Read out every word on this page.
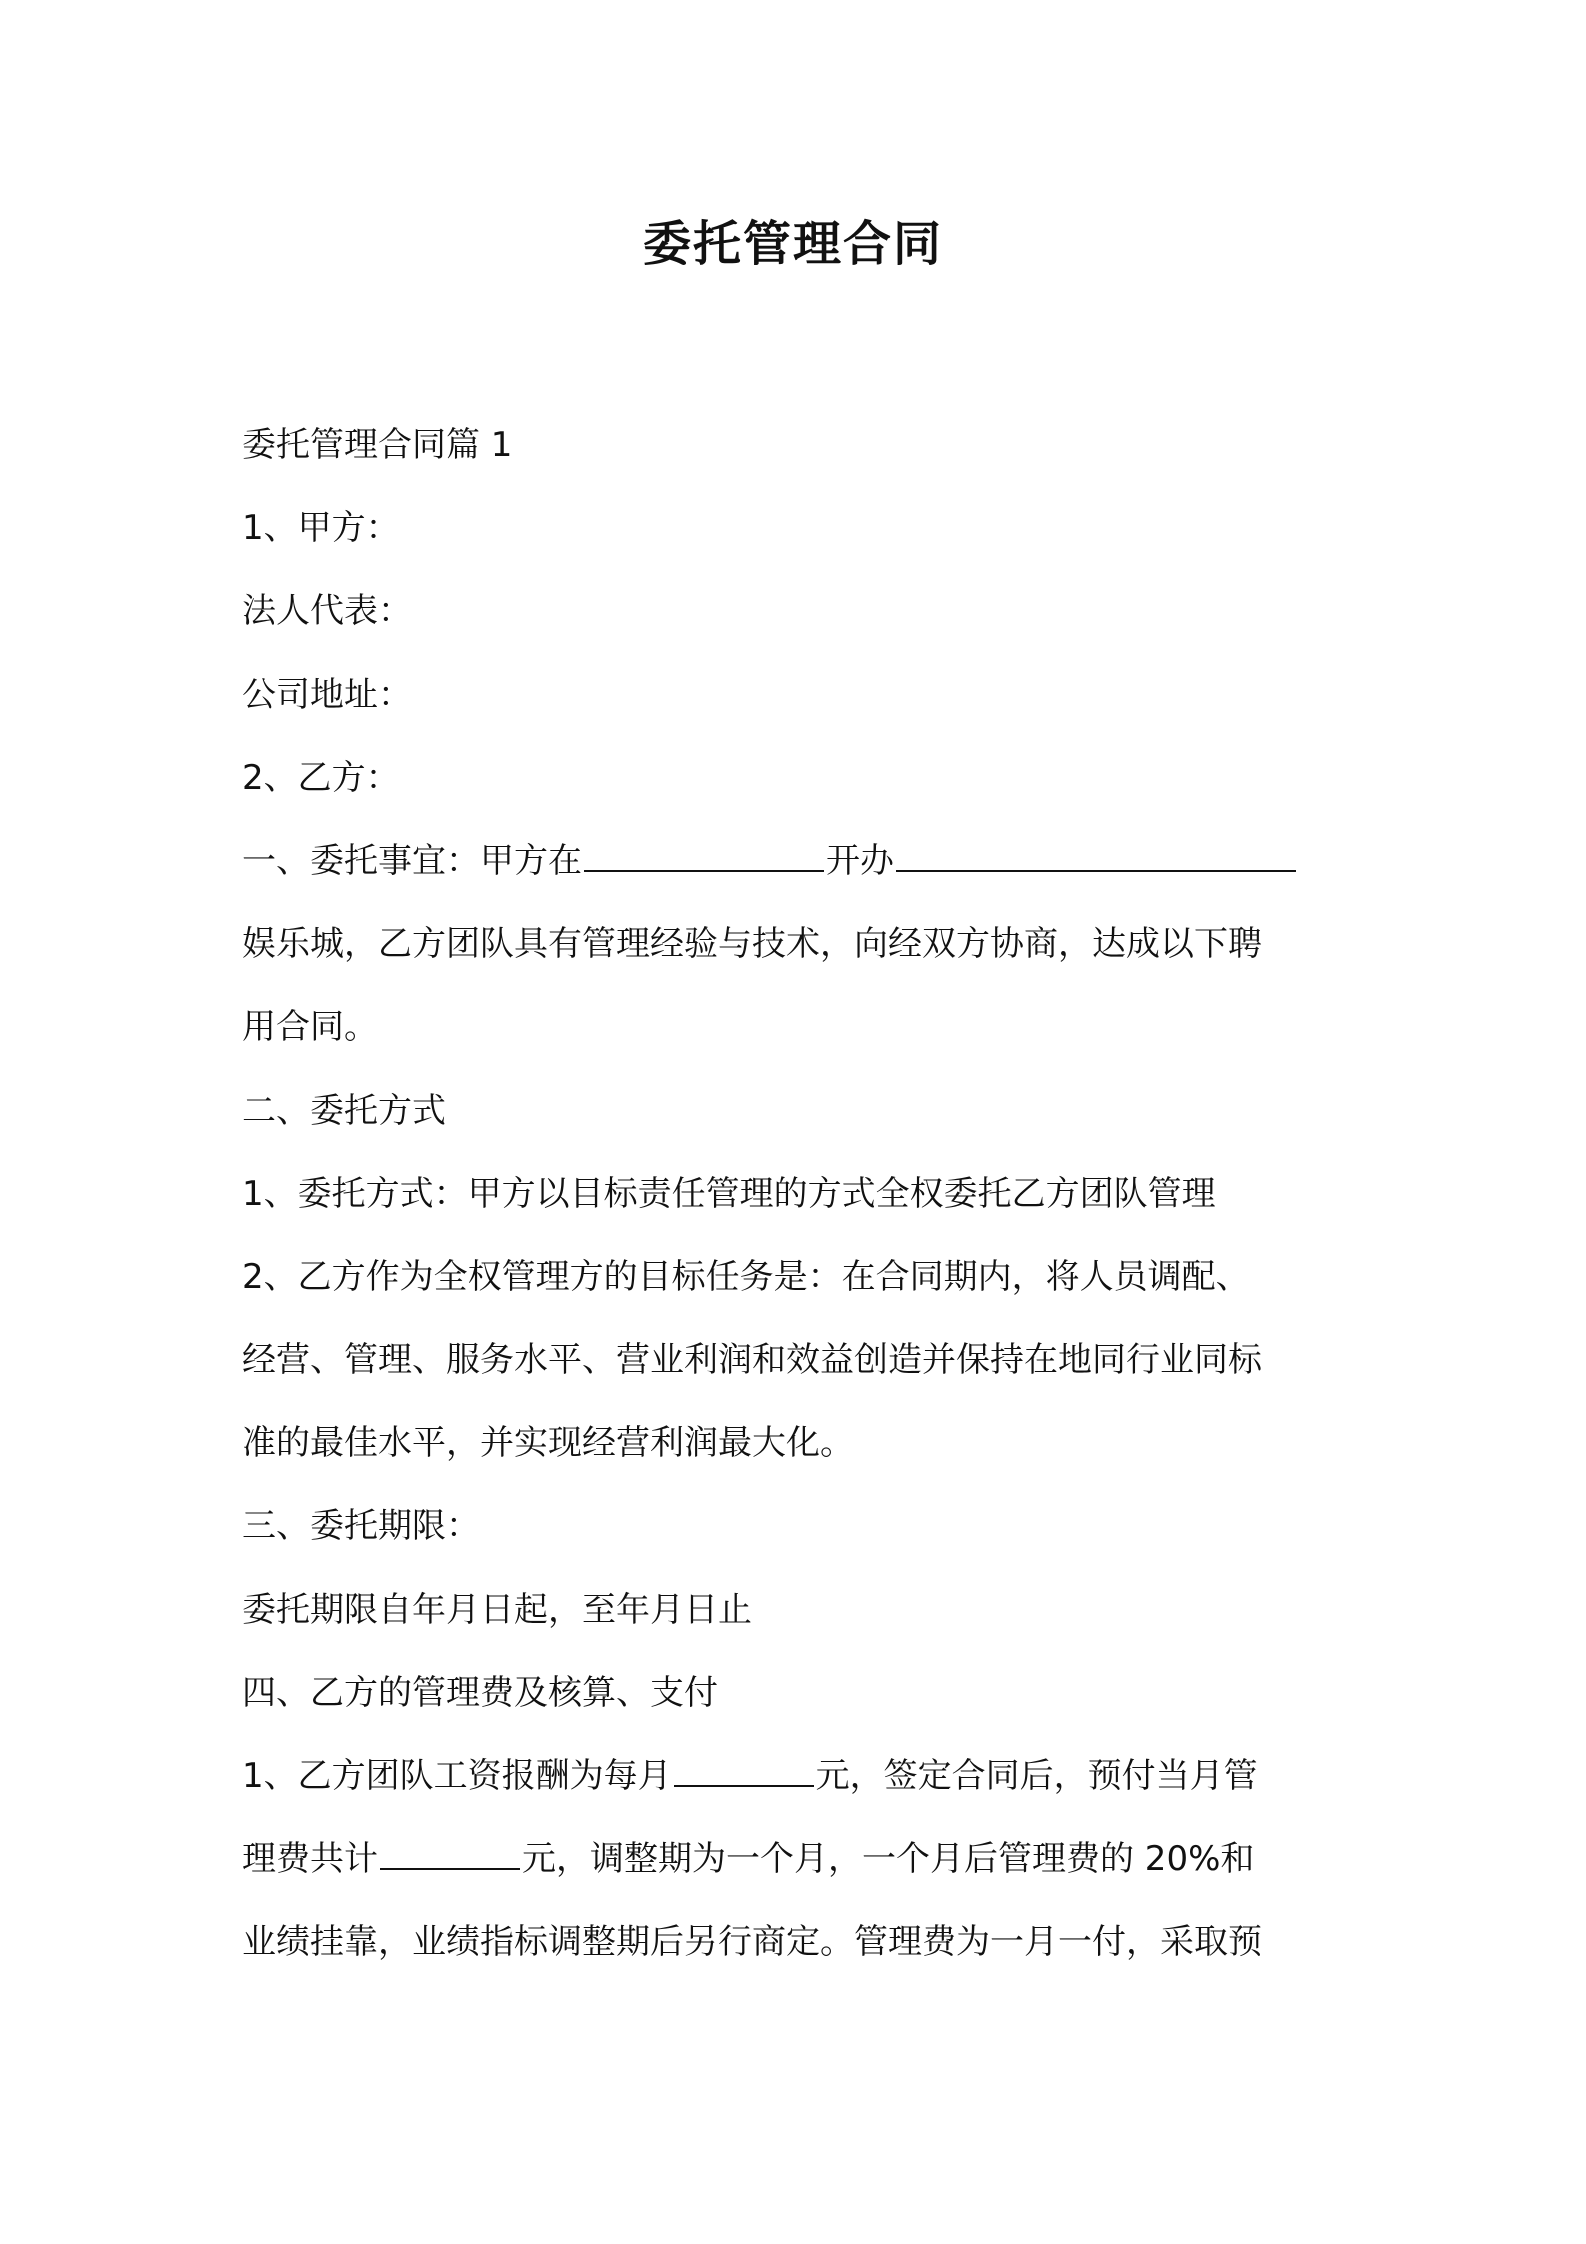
委托管理合同
委托管理合同篇 1
1、甲方：
法人代表：
公司地址：
2、乙方：
一、委托事宜：甲方在	开办
娱乐城，乙方团队具有管理经验与技术，向经双方协商，达成以下聘
用合同。
二、委托方式
1、委托方式：甲方以目标责任管理的方式全权委托乙方团队管理
2、乙方作为全权管理方的目标任务是：在合同期内，将人员调配、
经营、管理、服务水平、营业利润和效益创造并保持在地同行业同标
准的最佳水平，并实现经营利润最大化。
三、委托期限：
委托期限自年月日起，至年月日止
四、乙方的管理费及核算、支付
1、乙方团队工资报酬为每月	元，签定合同后，预付当月管
理费共计	元，调整期为一个月，一个月后管理费的 20%和
业绩挂靠，业绩指标调整期后另行商定。管理费为一月一付，采取预
